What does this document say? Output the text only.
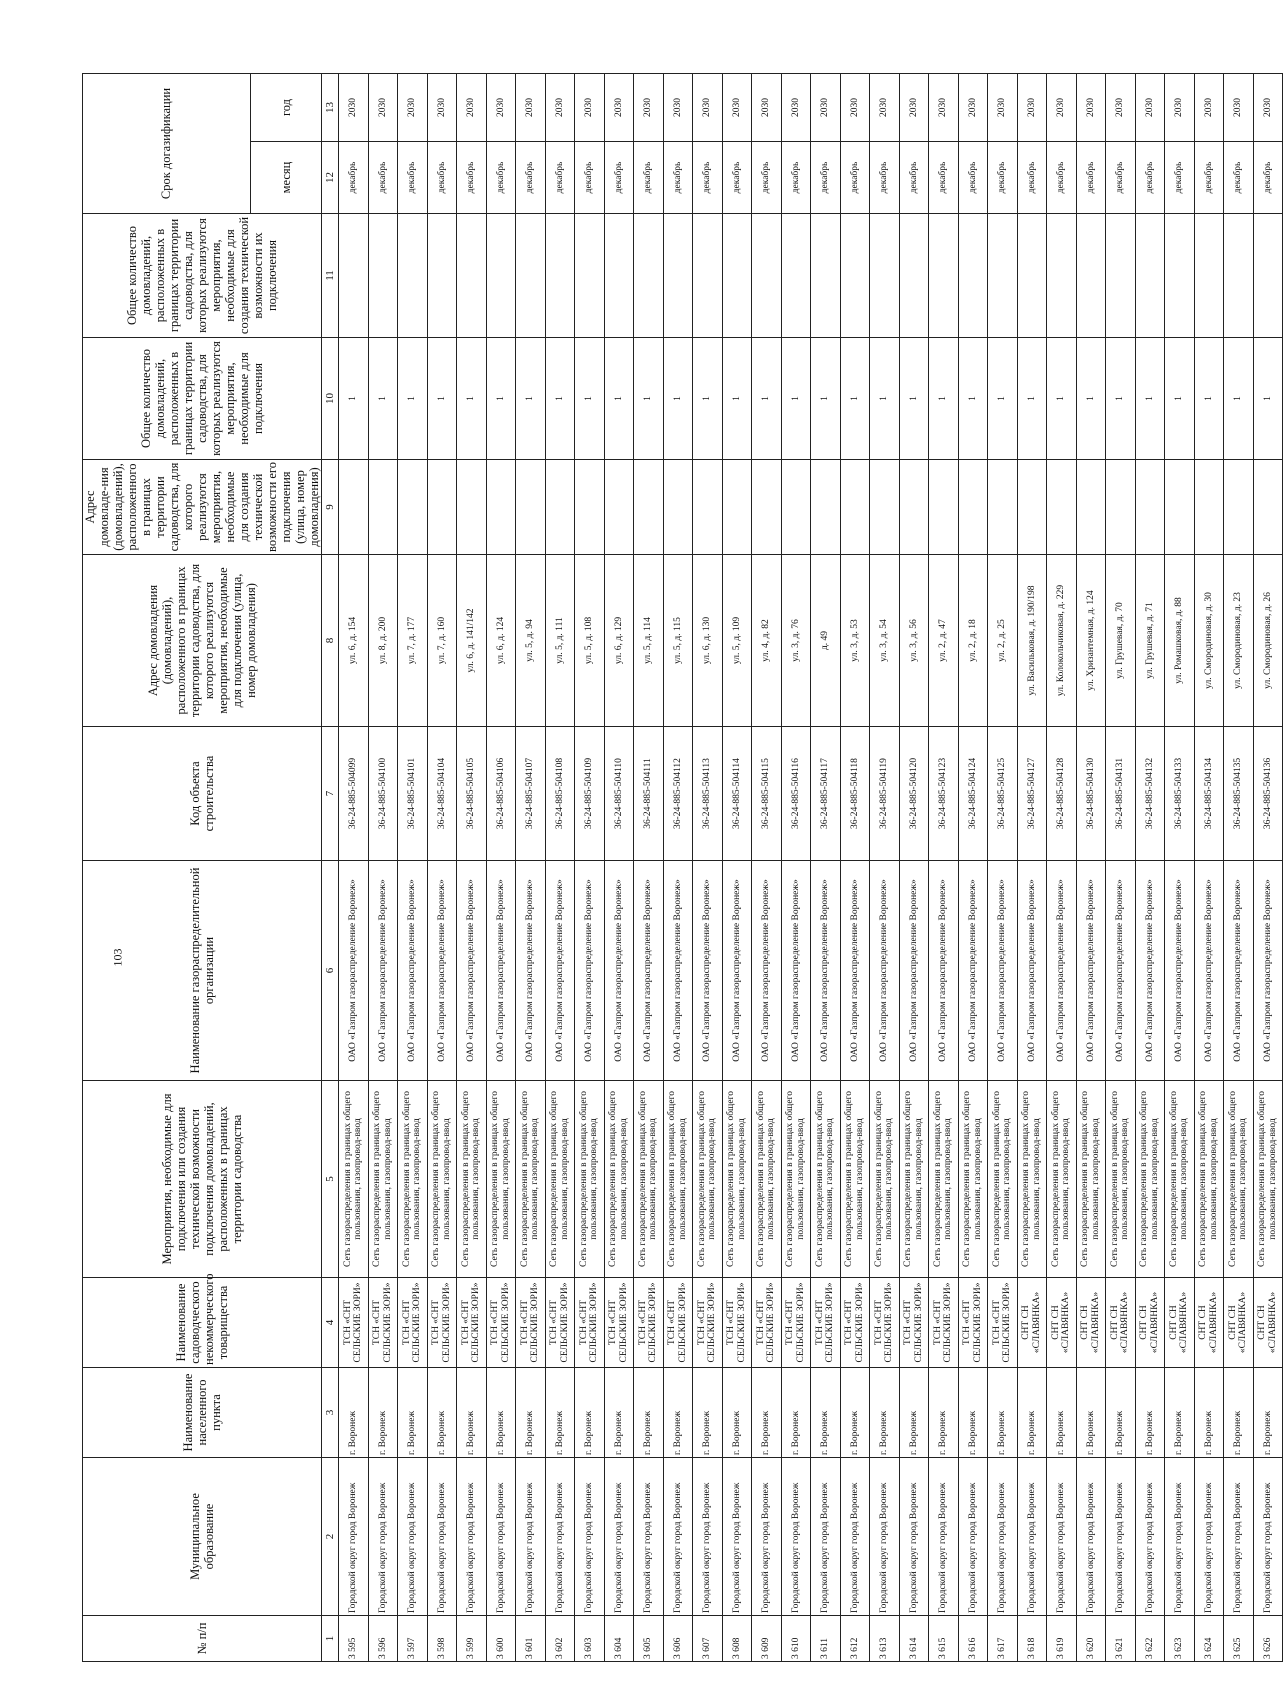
103
№ п/п	Муниципальное образование	Наименование населенного пункта	Наименование садоводческого некоммерческого товарищества	Мероприятия, необходимые для подключения или создания технической возможности подключения домовладений, расположенных в границах территории садоводства	Наименование газораспределительной организации	Код объекта строительства	Адрес домовладения (домовладений), расположенного в границах территории садоводства, для которого реализуются мероприятия, необходимые для подключения (улица, номер домовладения)	Адрес домовладе-ния (домовладений), расположенного в границах территории садоводства, для которого реализуются мероприятия, необходимые для создания технической возможности его подключения (улица, номер домовладения)	Общее количество домовладений, расположенных в границах территории садоводства, для которых реализуются мероприятия, необходимые для подключения	Общее количество домовладений, расположенных в границах территории садоводства, для которых реализуются мероприятия, необходимые для создания технической возможности их подключения	Срок догазификации	
											месяц	год
1	2	3	4	5	6	7	8	9	10	11	12	13
3 595	Городской округ город Воронеж	г. Воронеж	ТСН «СНТ СЕЛЬСКИЕ ЗОРИ»	Сеть газораспределения в границах общего пользования, газопровод-ввод	ОАО «Газпром газораспределение Воронеж»	36-24-885-504099	ул. 6, д. 154		1		декабрь	2030
3 596	Городской округ город Воронеж	г. Воронеж	ТСН «СНТ СЕЛЬСКИЕ ЗОРИ»	Сеть газораспределения в границах общего пользования, газопровод-ввод	ОАО «Газпром газораспределение Воронеж»	36-24-885-504100	ул. 8, д. 200		1		декабрь	2030
3 597	Городской округ город Воронеж	г. Воронеж	ТСН «СНТ СЕЛЬСКИЕ ЗОРИ»	Сеть газораспределения в границах общего пользования, газопровод-ввод	ОАО «Газпром газораспределение Воронеж»	36-24-885-504101	ул. 7, д. 177		1		декабрь	2030
3 598	Городской округ город Воронеж	г. Воронеж	ТСН «СНТ СЕЛЬСКИЕ ЗОРИ»	Сеть газораспределения в границах общего пользования, газопровод-ввод	ОАО «Газпром газораспределение Воронеж»	36-24-885-504104	ул. 7, д. 160		1		декабрь	2030
3 599	Городской округ город Воронеж	г. Воронеж	ТСН «СНТ СЕЛЬСКИЕ ЗОРИ»	Сеть газораспределения в границах общего пользования, газопровод-ввод	ОАО «Газпром газораспределение Воронеж»	36-24-885-504105	ул. 6, д. 141/142		1		декабрь	2030
3 600	Городской округ город Воронеж	г. Воронеж	ТСН «СНТ СЕЛЬСКИЕ ЗОРИ»	Сеть газораспределения в границах общего пользования, газопровод-ввод	ОАО «Газпром газораспределение Воронеж»	36-24-885-504106	ул. 6, д. 124		1		декабрь	2030
3 601	Городской округ город Воронеж	г. Воронеж	ТСН «СНТ СЕЛЬСКИЕ ЗОРИ»	Сеть газораспределения в границах общего пользования, газопровод-ввод	ОАО «Газпром газораспределение Воронеж»	36-24-885-504107	ул. 5, д. 94		1		декабрь	2030
3 602	Городской округ город Воронеж	г. Воронеж	ТСН «СНТ СЕЛЬСКИЕ ЗОРИ»	Сеть газораспределения в границах общего пользования, газопровод-ввод	ОАО «Газпром газораспределение Воронеж»	36-24-885-504108	ул. 5, д. 111		1		декабрь	2030
3 603	Городской округ город Воронеж	г. Воронеж	ТСН «СНТ СЕЛЬСКИЕ ЗОРИ»	Сеть газораспределения в границах общего пользования, газопровод-ввод	ОАО «Газпром газораспределение Воронеж»	36-24-885-504109	ул. 5, д. 108		1		декабрь	2030
3 604	Городской округ город Воронеж	г. Воронеж	ТСН «СНТ СЕЛЬСКИЕ ЗОРИ»	Сеть газораспределения в границах общего пользования, газопровод-ввод	ОАО «Газпром газораспределение Воронеж»	36-24-885-504110	ул. 6, д. 129		1		декабрь	2030
3 605	Городской округ город Воронеж	г. Воронеж	ТСН «СНТ СЕЛЬСКИЕ ЗОРИ»	Сеть газораспределения в границах общего пользования, газопровод-ввод	ОАО «Газпром газораспределение Воронеж»	36-24-885-504111	ул. 5, д. 114		1		декабрь	2030
3 606	Городской округ город Воронеж	г. Воронеж	ТСН «СНТ СЕЛЬСКИЕ ЗОРИ»	Сеть газораспределения в границах общего пользования, газопровод-ввод	ОАО «Газпром газораспределение Воронеж»	36-24-885-504112	ул. 5, д. 115		1		декабрь	2030
3 607	Городской округ город Воронеж	г. Воронеж	ТСН «СНТ СЕЛЬСКИЕ ЗОРИ»	Сеть газораспределения в границах общего пользования, газопровод-ввод	ОАО «Газпром газораспределение Воронеж»	36-24-885-504113	ул. 6, д. 130		1		декабрь	2030
3 608	Городской округ город Воронеж	г. Воронеж	ТСН «СНТ СЕЛЬСКИЕ ЗОРИ»	Сеть газораспределения в границах общего пользования, газопровод-ввод	ОАО «Газпром газораспределение Воронеж»	36-24-885-504114	ул. 5, д. 109		1		декабрь	2030
3 609	Городской округ город Воронеж	г. Воронеж	ТСН «СНТ СЕЛЬСКИЕ ЗОРИ»	Сеть газораспределения в границах общего пользования, газопровод-ввод	ОАО «Газпром газораспределение Воронеж»	36-24-885-504115	ул. 4, д. 82		1		декабрь	2030
3 610	Городской округ город Воронеж	г. Воронеж	ТСН «СНТ СЕЛЬСКИЕ ЗОРИ»	Сеть газораспределения в границах общего пользования, газопровод-ввод	ОАО «Газпром газораспределение Воронеж»	36-24-885-504116	ул. 3, д. 76		1		декабрь	2030
3 611	Городской округ город Воронеж	г. Воронеж	ТСН «СНТ СЕЛЬСКИЕ ЗОРИ»	Сеть газораспределения в границах общего пользования, газопровод-ввод	ОАО «Газпром газораспределение Воронеж»	36-24-885-504117	д. 49		1		декабрь	2030
3 612	Городской округ город Воронеж	г. Воронеж	ТСН «СНТ СЕЛЬСКИЕ ЗОРИ»	Сеть газораспределения в границах общего пользования, газопровод-ввод	ОАО «Газпром газораспределение Воронеж»	36-24-885-504118	ул. 3, д. 53		1		декабрь	2030
3 613	Городской округ город Воронеж	г. Воронеж	ТСН «СНТ СЕЛЬСКИЕ ЗОРИ»	Сеть газораспределения в границах общего пользования, газопровод-ввод	ОАО «Газпром газораспределение Воронеж»	36-24-885-504119	ул. 3, д. 54		1		декабрь	2030
3 614	Городской округ город Воронеж	г. Воронеж	ТСН «СНТ СЕЛЬСКИЕ ЗОРИ»	Сеть газораспределения в границах общего пользования, газопровод-ввод	ОАО «Газпром газораспределение Воронеж»	36-24-885-504120	ул. 3, д. 56		1		декабрь	2030
3 615	Городской округ город Воронеж	г. Воронеж	ТСН «СНТ СЕЛЬСКИЕ ЗОРИ»	Сеть газораспределения в границах общего пользования, газопровод-ввод	ОАО «Газпром газораспределение Воронеж»	36-24-885-504123	ул. 2, д. 47		1		декабрь	2030
3 616	Городской округ город Воронеж	г. Воронеж	ТСН «СНТ СЕЛЬСКИЕ ЗОРИ»	Сеть газораспределения в границах общего пользования, газопровод-ввод	ОАО «Газпром газораспределение Воронеж»	36-24-885-504124	ул. 2, д. 18		1		декабрь	2030
3 617	Городской округ город Воронеж	г. Воронеж	ТСН «СНТ СЕЛЬСКИЕ ЗОРИ»	Сеть газораспределения в границах общего пользования, газопровод-ввод	ОАО «Газпром газораспределение Воронеж»	36-24-885-504125	ул. 2, д. 25		1		декабрь	2030
3 618	Городской округ город Воронеж	г. Воронеж	СНТ СН «СЛАВЯНКА»	Сеть газораспределения в границах общего пользования, газопровод-ввод	ОАО «Газпром газораспределение Воронеж»	36-24-885-504127	ул. Васильковая, д. 190/198		1		декабрь	2030
3 619	Городской округ город Воронеж	г. Воронеж	СНТ СН «СЛАВЯНКА»	Сеть газораспределения в границах общего пользования, газопровод-ввод	ОАО «Газпром газораспределение Воронеж»	36-24-885-504128	ул. Колокольчиковая, д. 229		1		декабрь	2030
3 620	Городской округ город Воронеж	г. Воронеж	СНТ СН «СЛАВЯНКА»	Сеть газораспределения в границах общего пользования, газопровод-ввод	ОАО «Газпром газораспределение Воронеж»	36-24-885-504130	ул. Хризантемная, д. 124		1		декабрь	2030
3 621	Городской округ город Воронеж	г. Воронеж	СНТ СН «СЛАВЯНКА»	Сеть газораспределения в границах общего пользования, газопровод-ввод	ОАО «Газпром газораспределение Воронеж»	36-24-885-504131	ул. Грушевая, д. 70		1		декабрь	2030
3 622	Городской округ город Воронеж	г. Воронеж	СНТ СН «СЛАВЯНКА»	Сеть газораспределения в границах общего пользования, газопровод-ввод	ОАО «Газпром газораспределение Воронеж»	36-24-885-504132	ул. Грушевая, д. 71		1		декабрь	2030
3 623	Городской округ город Воронеж	г. Воронеж	СНТ СН «СЛАВЯНКА»	Сеть газораспределения в границах общего пользования, газопровод-ввод	ОАО «Газпром газораспределение Воронеж»	36-24-885-504133	ул. Ромашковая, д. 88		1		декабрь	2030
3 624	Городской округ город Воронеж	г. Воронеж	СНТ СН «СЛАВЯНКА»	Сеть газораспределения в границах общего пользования, газопровод-ввод	ОАО «Газпром газораспределение Воронеж»	36-24-885-504134	ул. Смородиновая, д. 30		1		декабрь	2030
3 625	Городской округ город Воронеж	г. Воронеж	СНТ СН «СЛАВЯНКА»	Сеть газораспределения в границах общего пользования, газопровод-ввод	ОАО «Газпром газораспределение Воронеж»	36-24-885-504135	ул. Смородиновая, д. 23		1		декабрь	2030
3 626	Городской округ город Воронеж	г. Воронеж	СНТ СН «СЛАВЯНКА»	Сеть газораспределения в границах общего пользования, газопровод-ввод	ОАО «Газпром газораспределение Воронеж»	36-24-885-504136	ул. Смородиновая, д. 26		1		декабрь	2030
